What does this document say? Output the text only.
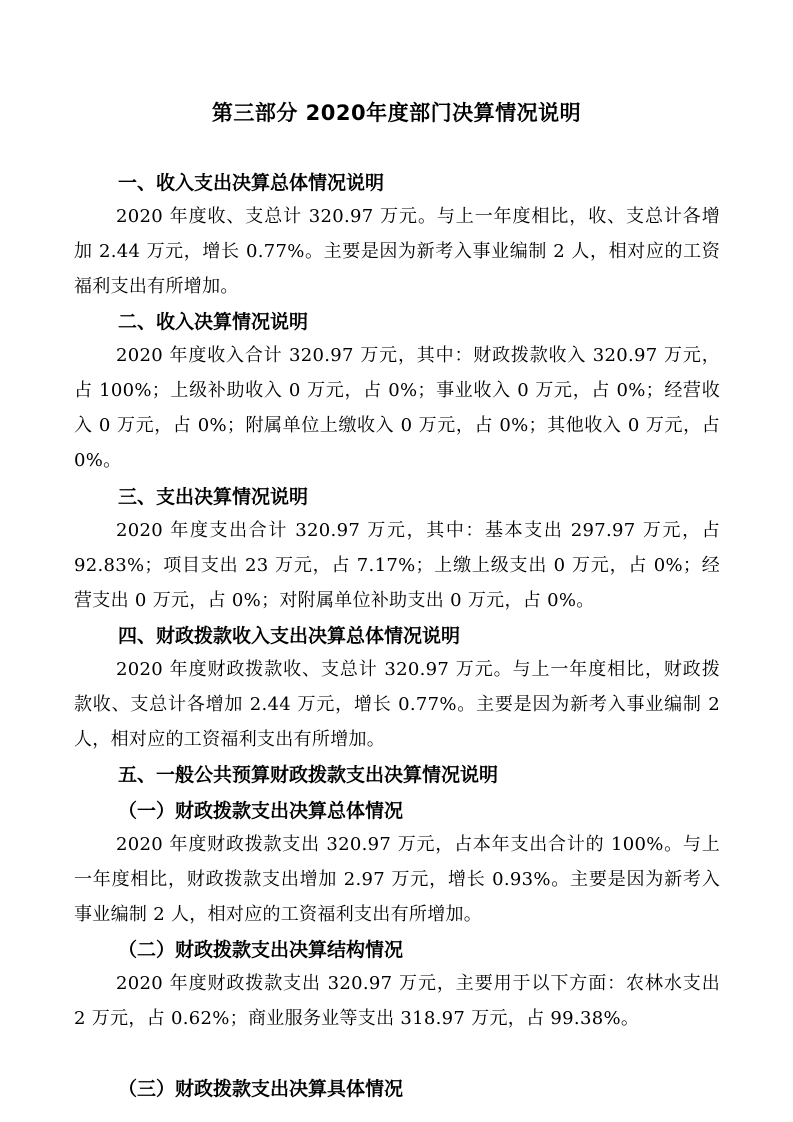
第三部分 2020年度部门决算情况说明
一、收入支出决算总体情况说明
2020 年度收、支总计 320.97 万元。与上一年度相比，收、支总计各增加 2.44 万元，增长 0.77%。主要是因为新考入事业编制 2 人，相对应的工资福利支出有所增加。
二、收入决算情况说明
2020 年度收入合计 320.97 万元，其中：财政拨款收入 320.97 万元，占 100%；上级补助收入 0 万元，占 0%；事业收入 0 万元，占 0%；经营收入 0 万元，占 0%；附属单位上缴收入 0 万元，占 0%；其他收入 0 万元，占 0%。
三、支出决算情况说明
2020 年度支出合计 320.97 万元，其中：基本支出 297.97 万元，占 92.83%；项目支出 23 万元，占 7.17%；上缴上级支出 0 万元，占 0%；经营支出 0 万元，占 0%；对附属单位补助支出 0 万元，占 0%。
四、财政拨款收入支出决算总体情况说明
2020 年度财政拨款收、支总计 320.97 万元。与上一年度相比，财政拨款收、支总计各增加 2.44 万元，增长 0.77%。主要是因为新考入事业编制 2 人，相对应的工资福利支出有所增加。
五、一般公共预算财政拨款支出决算情况说明
（一）财政拨款支出决算总体情况
2020 年度财政拨款支出 320.97 万元，占本年支出合计的 100%。与上一年度相比，财政拨款支出增加 2.97 万元，增长 0.93%。主要是因为新考入事业编制 2 人，相对应的工资福利支出有所增加。
（二）财政拨款支出决算结构情况
2020 年度财政拨款支出 320.97 万元，主要用于以下方面：农林水支出 2 万元，占 0.62%；商业服务业等支出 318.97 万元，占 99.38%。
（三）财政拨款支出决算具体情况
